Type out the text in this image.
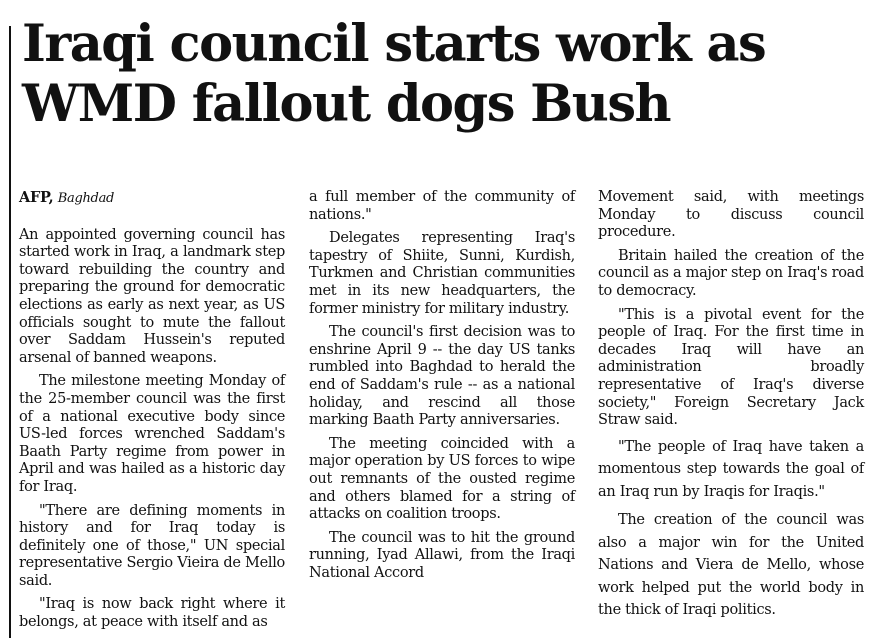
Iraqi council starts work as WMD fallout dogs Bush

AFP, Baghdad

An appointed governing council has started work in Iraq, a landmark step toward rebuilding the country and preparing the ground for democratic elections as early as next year, as US officials sought to mute the fallout over Saddam Hussein's reputed arsenal of banned weapons.

The milestone meeting Monday of the 25-member council was the first of a national executive body since US-led forces wrenched Saddam's Baath Party regime from power in April and was hailed as a historic day for Iraq.

"There are defining moments in history and for Iraq today is definitely one of those," UN special representative Sergio Vieira de Mello said.

"Iraq is now back right where it belongs, at peace with itself and as

a full member of the community of nations."

Delegates representing Iraq's tapestry of Shiite, Sunni, Kurdish, Turkmen and Christian communities met in its new headquarters, the former ministry for military industry.

The council's first decision was to enshrine April 9 -- the day US tanks rumbled into Baghdad to herald the end of Saddam's rule -- as a national holiday, and rescind all those marking Baath Party anniversaries.

The meeting coincided with a major operation by US forces to wipe out remnants of the ousted regime and others blamed for a string of attacks on coalition troops.

The council was to hit the ground running, Iyad Allawi, from the Iraqi National Accord

Movement said, with meetings Monday to discuss council procedure.

Britain hailed the creation of the council as a major step on Iraq's road to democracy.

"This is a pivotal event for the people of Iraq. For the first time in decades Iraq will have an administration broadly representative of Iraq's diverse society," Foreign Secretary Jack Straw said.

"The people of Iraq have taken a momentous step towards the goal of an Iraq run by Iraqis for Iraqis."

The creation of the council was also a major win for the United Nations and Viera de Mello, whose work helped put the world body in the thick of Iraqi politics.
